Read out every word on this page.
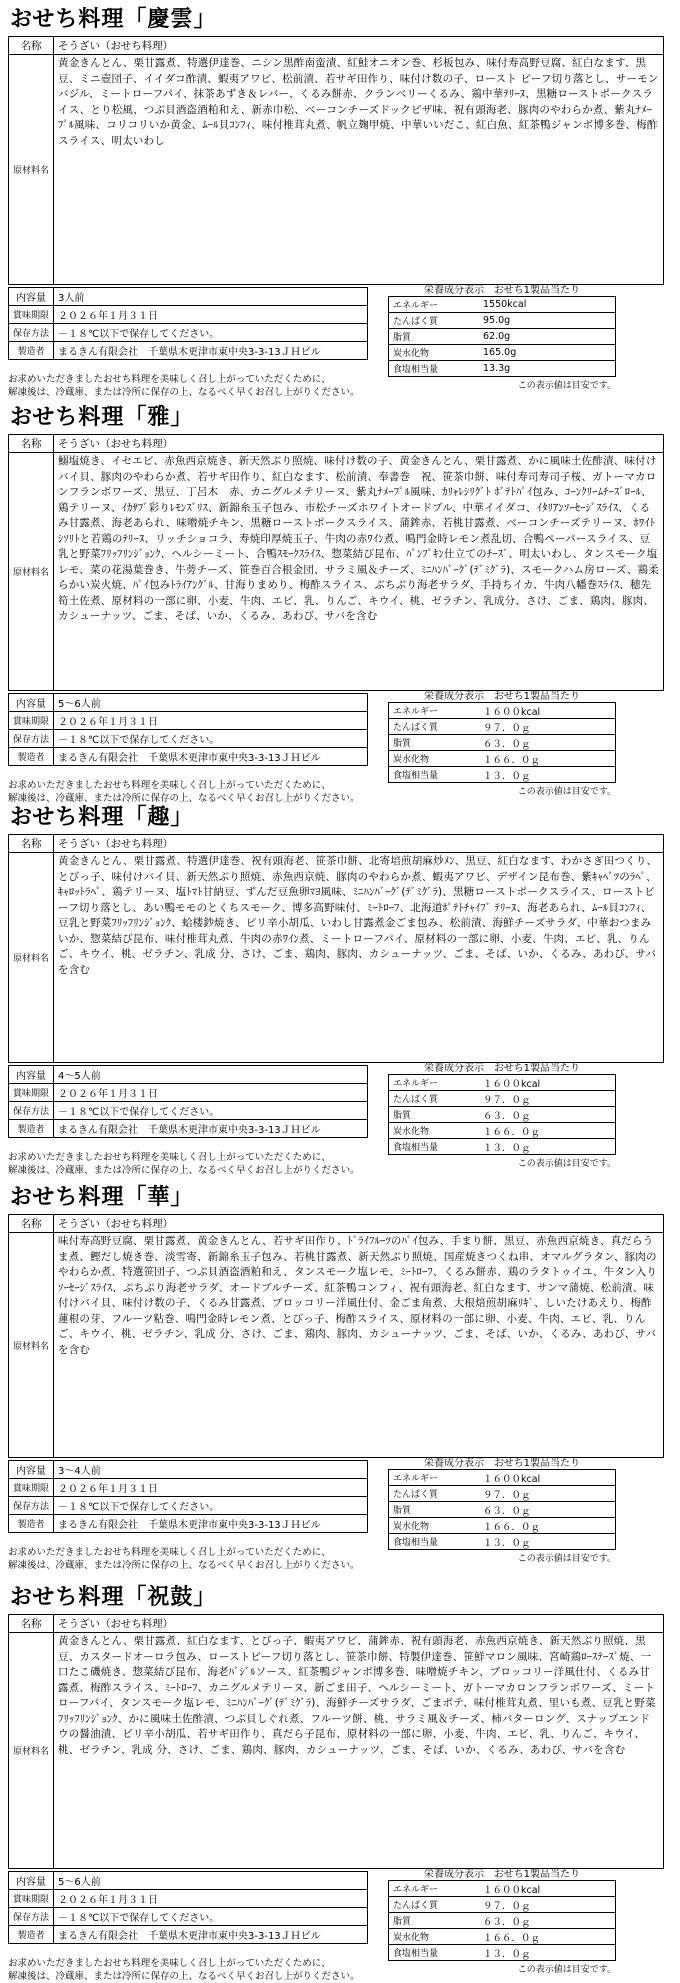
おせち料理「慶雲」
名称	そうざい（おせち料理）
原材料名	黄金きんとん、栗甘露煮、特選伊達巻、ニシン黒酢南蛮漬、紅鮭オニオン巻、杉板包み、味付寿高野豆腐、紅白なます、黒豆、ミニ壺団子、イイダコ酢漬、蝦夷アワビ、松前漬、若サギ田作り、味付け数の子、ロースト ビーフ切り落とし、サーモンバジル、ミートローフパイ、抹茶あずき＆レバー、くるみ餅赤、クランベリーくるみ、鶏中華ﾃﾘｰﾇ、黒糖ローストポークスライス、とり松風、つぶ貝酒盗酒粕和え、新赤巾松、ベーコンチーズドックピザ味、祝有頭海老、豚肉のやわらか煮、紫丸ﾅﾒｰﾌﾟﾙ風味、コリコリいか黄金、ﾑｰﾙ貝ｺﾝﾌｨ、味付椎茸丸煮、帆立麹甲焼、中華いいだこ、紅白魚、紅茶鴨ジャンボ博多巻、梅酢スライス、明太いわし
内容量	3人前
賞味期限	２０２６年１月３１日
保存方法	－１８℃以下で保存してください。
製造者	まるきん有限会社　千葉県木更津市東中央3-3-13ＪＨビル
栄養成分表示　おせち1製品当たり
エネルギー	1550kcal
たんぱく質	95.0g
脂質	62.0g
炭水化物	165.0g
食塩相当量	13.3g
この表示値は目安です。
お求めいただきましたおせち料理を美味しく召し上がっていただくために、
解凍後は、冷蔵庫、または冷所に保存の上、なるべく早くお召し上がりください。
おせち料理「雅」
名称	そうざい（おせち料理）
原材料名	鰯塩焼き、イセエビ、赤魚西京焼き、新天然ぶり照焼、味付け数の子、黄金きんとん、栗甘露煮、かに風味土佐酢漬、味付けバイ貝、豚肉のやわらか煮、若サギ田作り、紅白なます、松前漬、奉書巻　祝、笹茶巾餅、味付寿司寿司子桜、ガトーマカロンフランボワーズ、黒豆、丁呂木　赤、カニグルメテリーヌ、紫丸ﾅﾒｰﾌﾟﾙ風味、ｶﾘｬﾚｼﾘｸﾞﾄ ﾎﾞﾃﾄﾊﾟｲ包み、ｺｰﾝｸﾘｰﾑﾁｰｽﾞﾛｰﾙ、鶏テリーヌ、ｲｶｻﾌﾞ彩りﾚﾓﾝｽﾞﾘｽ、新錦糸玉子包み、市松チーズホワイトオードブル、中華イイダコ、ｲﾀﾘｱﾝｿｰｾｰｼﾞｽﾗｲｽ、くるみ甘露煮、海老あられ、味噌焼チキン、黒糖ローストポークスライス、蒲鉾赤、若桃甘露煮、ベーコンチーズテリーヌ、ﾎﾜｲﾄｼｿﾘﾄと若鶏のﾃﾘｰﾇ、リッチショコラ、寿焼印厚焼玉子、牛肉の赤ﾜｲﾝ煮、鳴門金時レモン煮乱切、合鴨ペーパースライス、豆乳と野菜ﾌﾘｯﾌﾘﾝｼﾞｮﾝｸ、ヘルシーミート、合鴨ｽﾓｰｸｽﾗｲｽ、惣菜結び昆布、ﾊﾟﾝﾌﾟｷﾝ仕立てのﾁｰｽﾞ、明太いわし、タンスモーク塩レモ、菜の花湯葉巻き、牛蒡チーズ、笹巻百合根金団、サラミ風＆チーズ、ﾐﾆﾊﾝﾊﾞｰｸﾞ(ﾃﾞﾐｸﾞﾗ)、スモークハム房ローズ、鶏柔らかい炭火焼、ﾊﾟｲ包みﾄﾗｲｱﾝｸﾞﾙ、甘海りまめり、梅酢スライス、ぶちぶり海老サラダ、手持ちイカ、牛肉八幡巻ｽﾗｲｽ、穂先筍土佐煮、原材料の一部に卵、小麦、牛肉、エビ、乳、りんご、キウイ、桃、ゼラチン、乳成分、さけ、ごま、鶏肉、豚肉、カシューナッツ、ごま、そば、いか、くるみ、あわび、サバを含む
内容量	5～6人前
賞味期限	２０２６年１月３１日
保存方法	－１８℃以下で保存してください。
製造者	まるきん有限会社　千葉県木更津市東中央3-3-13ＪＨビル
栄養成分表示　おせち1製品当たり
エネルギー	１６００kcal
たんぱく質	９７．０ｇ
脂質	６３．０ｇ
炭水化物	１６６．０ｇ
食塩相当量	１３．０ｇ
この表示値は目安です。
お求めいただきましたおせち料理を美味しく召し上がっていただくために、
解凍後は、冷蔵庫、または冷所に保存の上、なるべく早くお召し上がりください。
おせち料理「趣」
名称	そうざい（おせち料理）
原材料名	黄金きんとん、栗甘露煮、特選伊達巻、祝有頭海老、笹茶巾餅、北寄培煎胡麻炒ﾒﾝ、黒豆、紅白なます、わかさぎ田つくり、とびっ子、味付けバイ貝、新天然ぶり照焼、赤魚西京焼、豚肉のやわらか煮、蝦夷アワビ、デザイン昆布巻、紫ｷｬﾍﾞﾂのﾗﾍﾟ、ｷｬﾛｯﾄﾗﾍﾟ、鶏テリーヌ、塩ﾄﾏﾄ甘納豆、ずんだ豆魚卵ﾏﾖ風味、ﾐﾆﾊﾝﾊﾞｰｸﾞ(ﾃﾞﾐｸﾞﾗ)、黒糖ローストポークスライス、ローストビーフ切り落とし、あい鴨モモのとくちスモーク、博多高野味付、ﾐｰﾄﾛｰﾌ、北海道ﾎﾟﾃﾄﾁｬｲﾌﾞ ﾃﾘｰﾇ、海老あられ、ﾑｰﾙ貝ｺﾝﾌｨ、豆乳と野菜ﾌﾘｯﾌﾘﾝｼﾞｮﾝｸ、蛤楼鈔焼き、ピリ辛小胡瓜、いわし甘露煮金ごま包み、松前漬、海鮮チーズサラダ、中華おつまみいか、惣菜結び昆布、味付椎茸丸煮、牛肉の赤ﾜｲﾝ煮、ミートローフパイ、原材料の一部に卵、小麦、牛肉、エビ、乳、りんご、キウイ、桃、ゼラチン、乳成 分、さけ、ごま、鶏肉、豚肉、カシューナッツ、ごま、そば、いか、くるみ、あわび、サバを含む
内容量	4～5人前
賞味期限	２０２６年１月３１日
保存方法	－１８℃以下で保存してください。
製造者	まるきん有限会社　千葉県木更津市東中央3-3-13ＪＨビル
栄養成分表示　おせち1製品当たり
エネルギー	１６００kcal
たんぱく質	９７．０ｇ
脂質	６３．０ｇ
炭水化物	１６６．０ｇ
食塩相当量	１３．０ｇ
この表示値は目安です。
お求めいただきましたおせち料理を美味しく召し上がっていただくために、
解凍後は、冷蔵庫、または冷所に保存の上、なるべく早くお召し上がりください。
おせち料理「華」
名称	そうざい（おせち料理）
原材料名	味付寿高野豆腐、栗甘露煮、黄金きんとん、若サギ田作り、ﾄﾞﾗｲﾌﾙｰﾂのﾊﾟｲ包み、手まり餅、黒豆、赤魚西京焼き、真だらうま煮、鰹だし焼き巻、淡雪寄、新錦糸玉子包み、若桃甘露煮、新天然ぶり照焼、国産焼きつくね串、オマルグラタン、豚肉のやわらか煮、特選笹団子、つぶ貝酒盗酒粕和え、タンスモーク塩レモ、ﾐｰﾄﾛｰﾌ、くるみ餅赤、鶏のラタトゥイユ、牛タン入りｿｰｾｰｼﾞｽﾗｲｽ、ぷちぷり海老サラダ、オードブルチーズ、紅茶鴨コンフィ、祝有頭海老、紅白なます、サンマ蒲焼、松前漬、味付けバイ貝、味付け数の子、くるみ甘露煮、ブロッコリー洋風仕付、金ごま角煮、大根焙煎胡麻ﾘｷﾞ、しいたけあえり、梅酢蓮根の芽、フルーツ粘巻、鳴門金時レモン煮、とびっ子、梅酢スライス、原材料の一部に卵、小麦、牛肉、エビ、乳、りんご、キウイ、桃、ゼラチン、乳成 分、さけ、ごま、鶏肉、豚肉、カシューナッツ、ごま、そば、いか、くるみ、あわび、サバを含む
内容量	3～4人前
賞味期限	２０２６年１月３１日
保存方法	－１８℃以下で保存してください。
製造者	まるきん有限会社　千葉県木更津市東中央3-3-13ＪＨビル
栄養成分表示　おせち1製品当たり
エネルギー	１６００kcal
たんぱく質	９７．０ｇ
脂質	６３．０ｇ
炭水化物	１６６．０ｇ
食塩相当量	１３．０ｇ
この表示値は目安です。
お求めいただきましたおせち料理を美味しく召し上がっていただくために、
解凍後は、冷蔵庫、または冷所に保存の上、なるべく早くお召し上がりください。
おせち料理「祝鼓」
名称	そうざい（おせち料理）
原材料名	黄金きんとん、栗甘露煮、紅白なます、とびっ子、蝦夷アワビ、蒲鉾赤、祝有頭海老、赤魚西京焼き、新天然ぶり照焼、黒豆、カスタードオーロラ包み、ローストビーフ切り落とし、笹茶巾餅、特製伊達巻、笹鮮マロン風味、宮崎鶏ﾛｰｽﾃｰｽﾞ焼、一口たこ磯焼き、惣菜結び昆布、海老ﾊﾞｼﾞﾙソース、紅茶鴨ジャンボ博多巻、味噌焼チキン、ブロッコリー洋風仕付、くるみ甘露煮、梅酢スライス、ﾐｰﾄﾛｰﾌ、カニグルメテリーヌ、新ごま田子、ヘルシーミート、ガトーマカロンフランボワーズ、ミートローフパイ、タンスモーク塩レモ、ﾐﾆﾊﾝﾊﾞｰｸﾞ(ﾃﾞﾐｸﾞﾗ)、海鮮チーズサラダ、ごまボテ、味付椎茸丸煮、里いも煮、豆乳と野菜ﾌﾘｯﾌﾘﾝｼﾞｮﾝｸ、かに風味土佐酢漬、つぶ貝しぐれ煮、フルーツ餅、桃、サラミ風＆チーズ、柿バターロング、スナップエンドウの醤油漬、ピリ辛小胡瓜、若サギ田作り、真だら子昆布、原材料の一部に卵、小麦、牛肉、エビ、乳、りんご、キウイ、桃、ゼラチン、乳成 分、さけ、ごま、鶏肉、豚肉、カシューナッツ、ごま、そば、いか、くるみ、あわび、サバを含む
内容量	5～6人前
賞味期限	２０２６年１月３１日
保存方法	－１８℃以下で保存してください。
製造者	まるきん有限会社　千葉県木更津市東中央3-3-13ＪＨビル
栄養成分表示　おせち1製品当たり
エネルギー	１６００kcal
たんぱく質	９７．０ｇ
脂質	６３．０ｇ
炭水化物	１６６．０ｇ
食塩相当量	１３．０ｇ
この表示値は目安です。
お求めいただきましたおせち料理を美味しく召し上がっていただくために、
解凍後は、冷蔵庫、または冷所に保存の上、なるべく早くお召し上がりください。
